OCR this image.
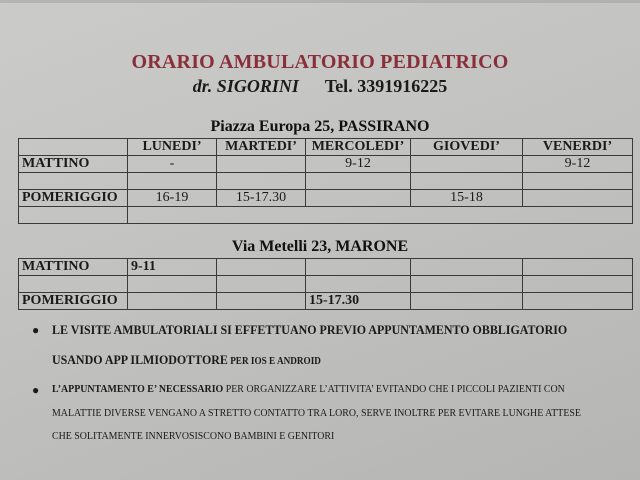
ORARIO AMBULATORIO PEDIATRICO
dr. SIGORINI Tel. 3391916225
Piazza Europa 25, PASSIRANO
	LUNEDI’	MARTEDI’	MERCOLEDI’	GIOVEDI’	VENERDI’
MATTINO	-		9-12		9-12

POMERIGGIO	16-19	15-17.30		15-18	

Via Metelli 23, MARONE
MATTINO	9-11				

POMERIGGIO			15-17.30		
● LE VISITE AMBULATORIALI SI EFFETTUANO PREVIO APPUNTAMENTO OBBLIGATORIO
USANDO APP ILMIODOTTORE PER IOS E ANDROID
● L’APPUNTAMENTO E’ NECESSARIO PER ORGANIZZARE L’ATTIVITA’ EVITANDO CHE I PICCOLI PAZIENTI CON
MALATTIE DIVERSE VENGANO A STRETTO CONTATTO TRA LORO, SERVE INOLTRE PER EVITARE LUNGHE ATTESE
CHE SOLITAMENTE INNERVOSISCONO BAMBINI E GENITORI
